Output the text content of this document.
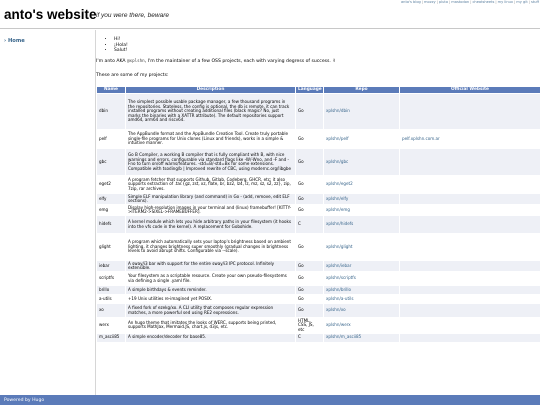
anto's website if you were there, beware
anto's blog|mozzy|pluto|mastodon|cheatsheets|my linux|my git|stuff
› Home	• Hi!
• ¡Hola!
• Salut!
I'm anto AKA @xplshn, I'm the maintainer of a few OSS projects, each with varying degress of success. ✌
These are some of my projects:
Name	Description	Language	Repo	Official Website
dbin	The simplest possible usable package manager, a few thousand programs in the repositories. Stateless, the config is optional, the db is remote, it can track installed programs without creating additional files (black magic? No, just marks the binaries with a XATTR attribute). The default repositories support amd64, arm64 and riscv64.	Go	xplshn/dbin	
pelf	The AppBundle format and the AppBundle Creation Tool. Create truly portable single-file programs for Unix clones (Linux and friends), works in a simple & intuitive manner.	Go	xplshn/pelf	pelf.xplshn.com.ar
gbc	Go B Compiler, a working B compiler that is fully compliant with B, with nice warnings and errors, configurable via standard flags like -W/-Wno, and -F and -Fno to turn on/off warns/features. -std=B/-std=Bx for some extensions. Compatible with tsoding/b | Improved rewrite of CBC, using modernc.org/libgbe	Go	xplshn/gbc	
eget2	A program fetcher that supports Github, Gitlab, Codeberg, GHCR, etc; it also supports extraction of .tar.{gz, zst, xz, flate, br, bz2, lz4, lz, mz, sz, s2, zz}, zip, 7zip, rar archives.	Go	xplshn/eget2	
elfy	Simple ELF manipulation library (and command) in Go - (add, remove, edit ELF sections).	Go	xplshn/elfy	
emg	Display high-resolution images in your terminal and (linux) framebuffer! [KITTY->ITERM2->SIXEL->FRAMEBUFFER].	Go	xplshn/emg	
hidefs	A kernel module which lets you hide arbitrary paths in your filesystem (it hooks into the vfs code in the kernel). A replacement for Gobohide.	C	xplshn/hidefs	
glight	A program which automatically sets your laptop's brightness based on ambient lighting, it changes brightness super smoothly (gradual changes in brightness levels to avoid abrupt shifts. Configurable via --scale).	Go	xplshn/glight	
iebar	A sway/i3 bar with support for the entire sway/i3 IPC protocol. Infinitely extensible.	Go	xplshn/iebar	
scriptfs	Your filesystem as a scriptable resource. Create your own pseudo-filesystems via defining a single .yaml file.	Go	xplshn/scriptfs	
brillo	A simple birthdays & events reminder.	Go	xplshn/brillo	
a-utils	+19 Unix utilities re-imagined yet POSIX.	Go	xplshn/a-utils	
xo	A fixed fork of ezekg/xo. A CLI utility that composes regular expression matches, a more powerful sed using RE2 expressions.	Go	xplshn/xo	
werx	An hugo theme that imitates the looks of WERC, supports being printed, supports MathJax, Mermaid.JS, chart.js, d3js, etc.	HTML, CSS, JS, etc	xplshn/werx	
m_ascii85	A simple encoder/decoder for base85.	C	xplshn/m_ascii85	
Powered by Hugo
